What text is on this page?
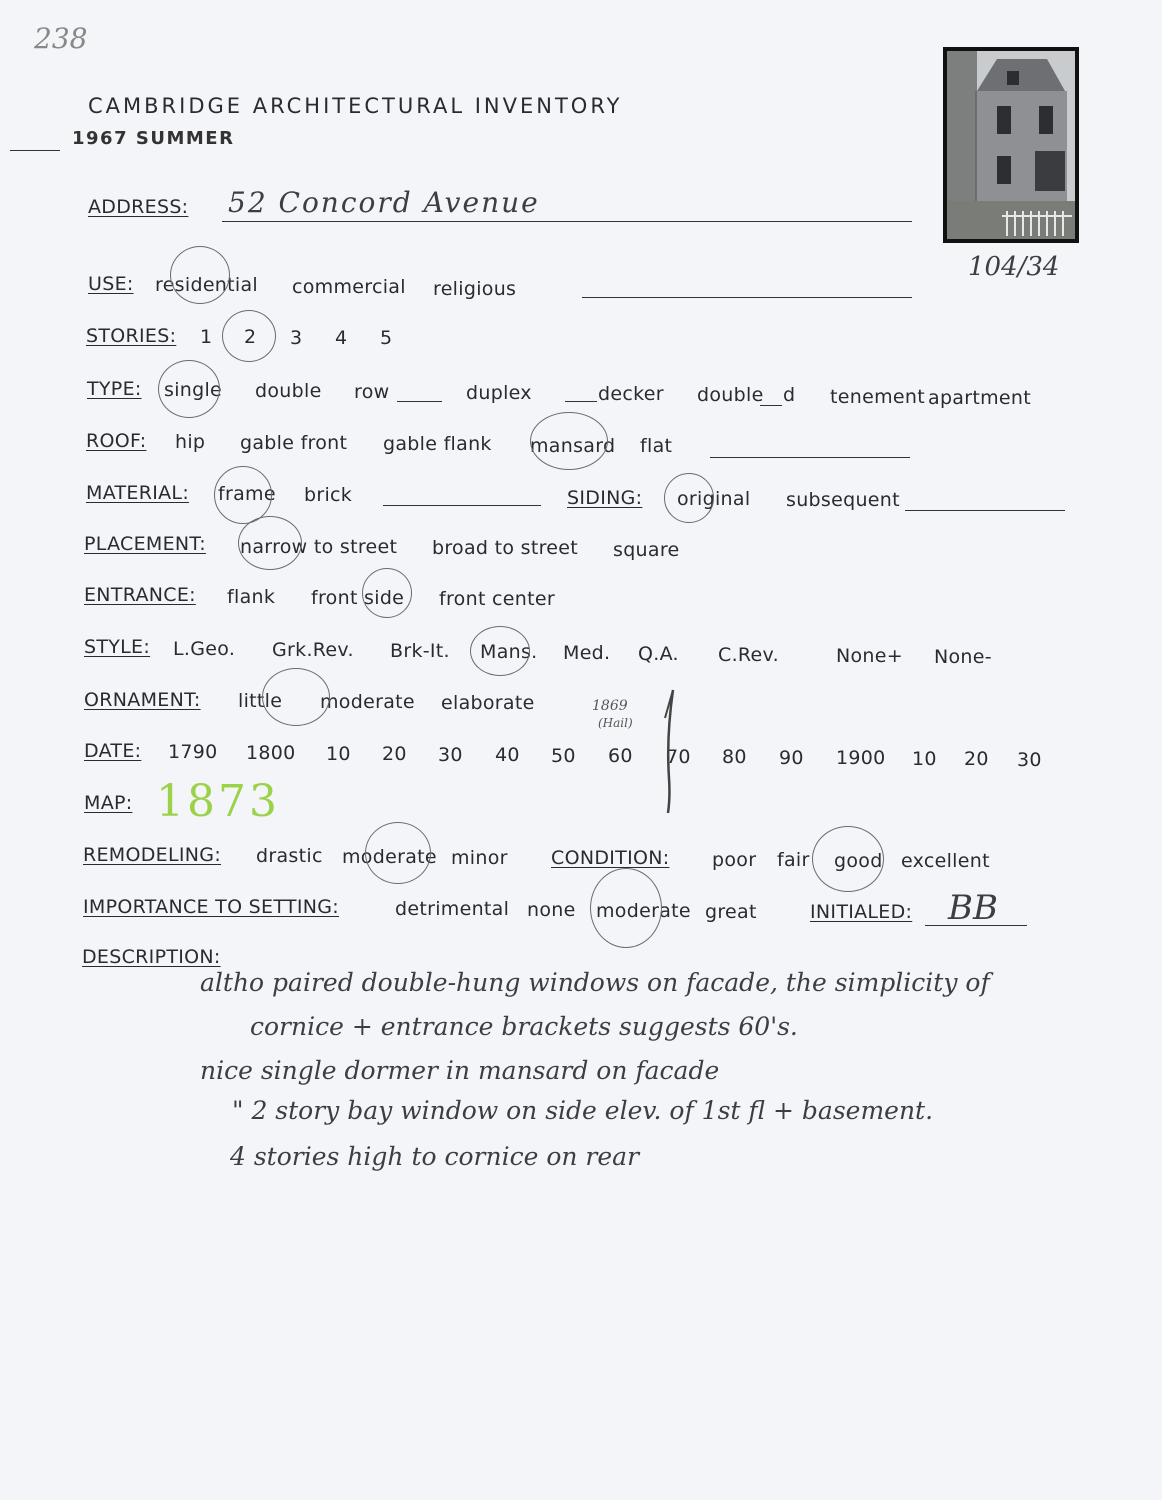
238
CAMBRIDGE ARCHITECTURAL INVENTORY
1967 SUMMER
104/34
ADDRESS: 52 Concord Avenue
USE: residential commercial religious
STORIES: 1 2 3 4 5
TYPE: single double row	duplex	decker double d tenement apartment
ROOF: hip gable front gable flank mansard flat
MATERIAL: frame brick	SIDING: original subsequent
PLACEMENT: narrow to street broad to street square
ENTRANCE: flank front side front center
STYLE: L.Geo. Grk.Rev. Brk-It. Mans. Med. Q.A. C.Rev.	None+ None-
ORNAMENT: little moderate elaborate
DATE: 1790 1800 10 20 30 40 50 60 70 80 90 1900 10 20 30
1869
(Hail)
MAP: 1873
REMODELING: drastic moderate minor CONDITION: poor fair good excellent
IMPORTANCE TO SETTING:	detrimental none moderate great	INITIALED: BB
DESCRIPTION:
altho paired double-hung windows on facade, the simplicity of
cornice + entrance brackets suggests 60's.
nice single dormer in mansard on facade
" 2 story bay window on side elev. of 1st fl + basement.
4 stories high to cornice on rear
